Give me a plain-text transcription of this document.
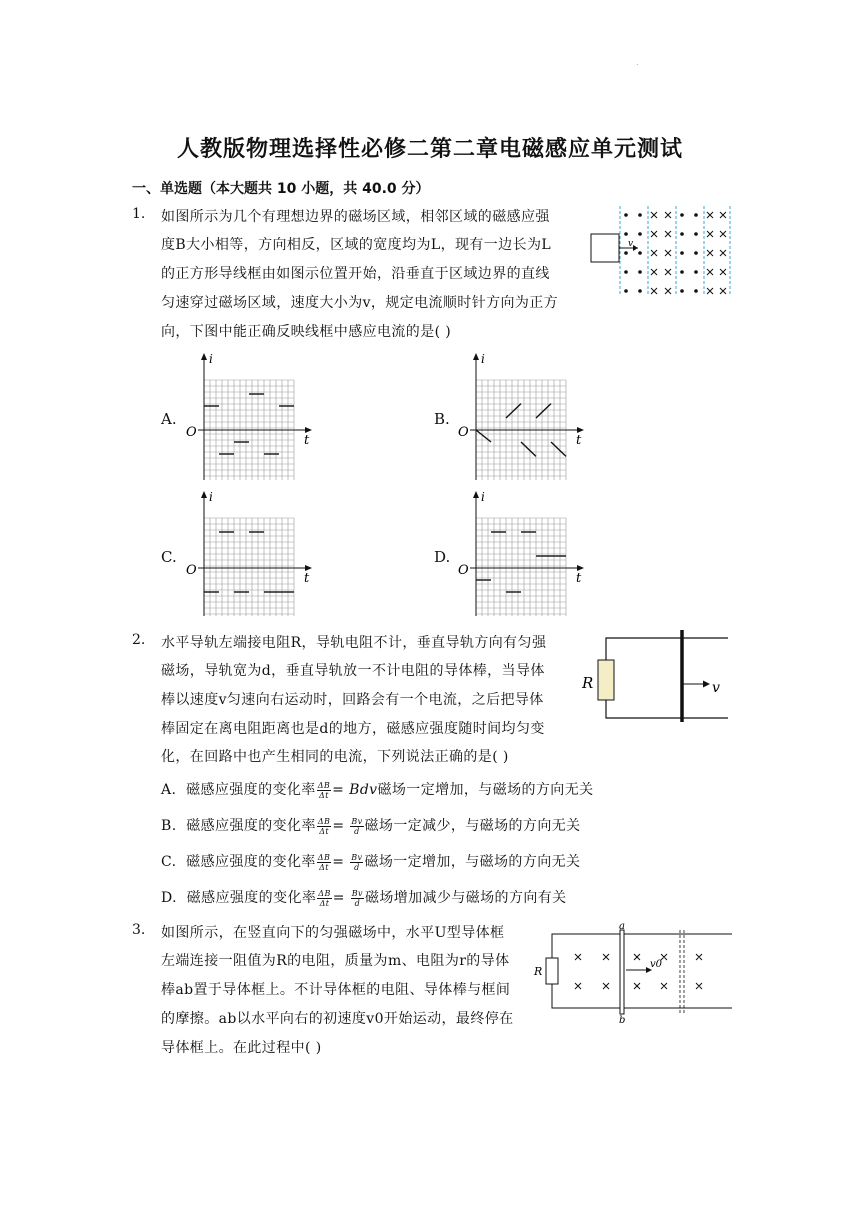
.
人教版物理选择性必修二第二章电磁感应单元测试
一、单选题（本大题共 10 小题，共 40.0 分）
1. 如图所示为几个有理想边界的磁场区域，相邻区域的磁感应强
度B大小相等，方向相反，区域的宽度均为L，现有一边长为L
的正方形导线框由如图示位置开始，沿垂直于区域边界的直线
匀速穿过磁场区域，速度大小为v，规定电流顺时针方向为正方
向，下图中能正确反映线框中感应电流的是( )
v
A.	B.
C.	D.
i
t
O
i
t
O
i
t
O
i
t
O
2. 水平导轨左端接电阻R，导轨电阻不计，垂直导轨方向有匀强
磁场，导轨宽为d，垂直导轨放一不计电阻的导体棒，当导体
棒以速度v匀速向右运动时，回路会有一个电流，之后把导体
棒固定在离电阻距离也是d的地方，磁感应强度随时间均匀变
化，在回路中也产生相同的电流，下列说法正确的是( )
R	v
A. 磁感应强度的变化率 $\frac{\Delta B}{\Delta t}$ = Bdv磁场一定增加，与磁场的方向无关
B. 磁感应强度的变化率 $\frac{\Delta B}{\Delta t} = \frac{Bv}{d}$ 磁场一定减少，与磁场的方向无关
C. 磁感应强度的变化率 $\frac{\Delta B}{\Delta t} = \frac{Bv}{d}$ 磁场一定增加，与磁场的方向无关
D. 磁感应强度的变化率 $\frac{\Delta B}{\Delta t} = \frac{Bv}{d}$ 磁场增加减少与磁场的方向有关
3. 如图所示，在竖直向下的匀强磁场中，水平U型导体框
左端连接一阻值为R的电阻，质量为m、电阻为r的导体
棒ab置于导体框上。不计导体框的电阻、导体棒与框间
的摩擦。ab以水平向右的初速度v0开始运动，最终停在
导体框上。在此过程中( )
R
a
b
v0
